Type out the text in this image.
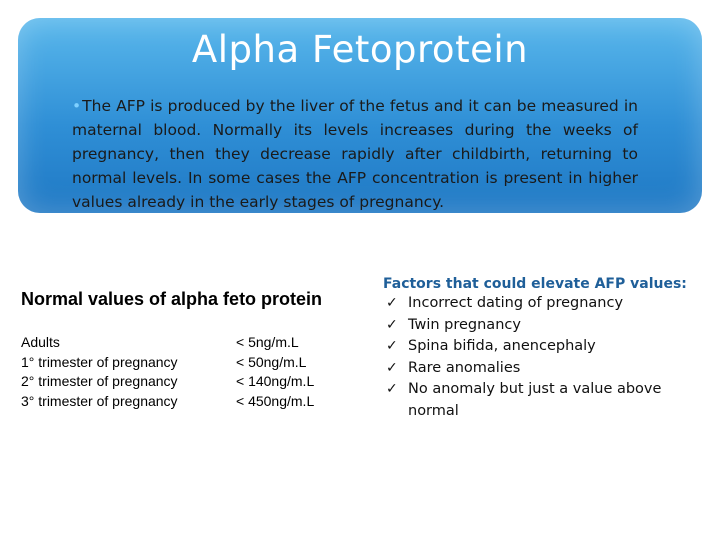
Alpha Fetoprotein

•The AFP is produced by the liver of the fetus and it can be measured in maternal blood. Normally its levels increases during the weeks of pregnancy, then they decrease rapidly after childbirth, returning to normal levels. In some cases the AFP concentration is present in higher values already in the early stages of pregnancy.

Normal values of alpha feto protein
Adults	< 5ng/m.L
1° trimester of pregnancy	< 50ng/m.L
2° trimester of pregnancy	< 140ng/m.L
3° trimester of pregnancy	< 450ng/m.L
Factors that could elevate AFP values:
✓ Incorrect dating of pregnancy
✓ Twin pregnancy
✓ Spina bifida, anencephaly
✓ Rare anomalies
✓ No anomaly but just a value above normal
